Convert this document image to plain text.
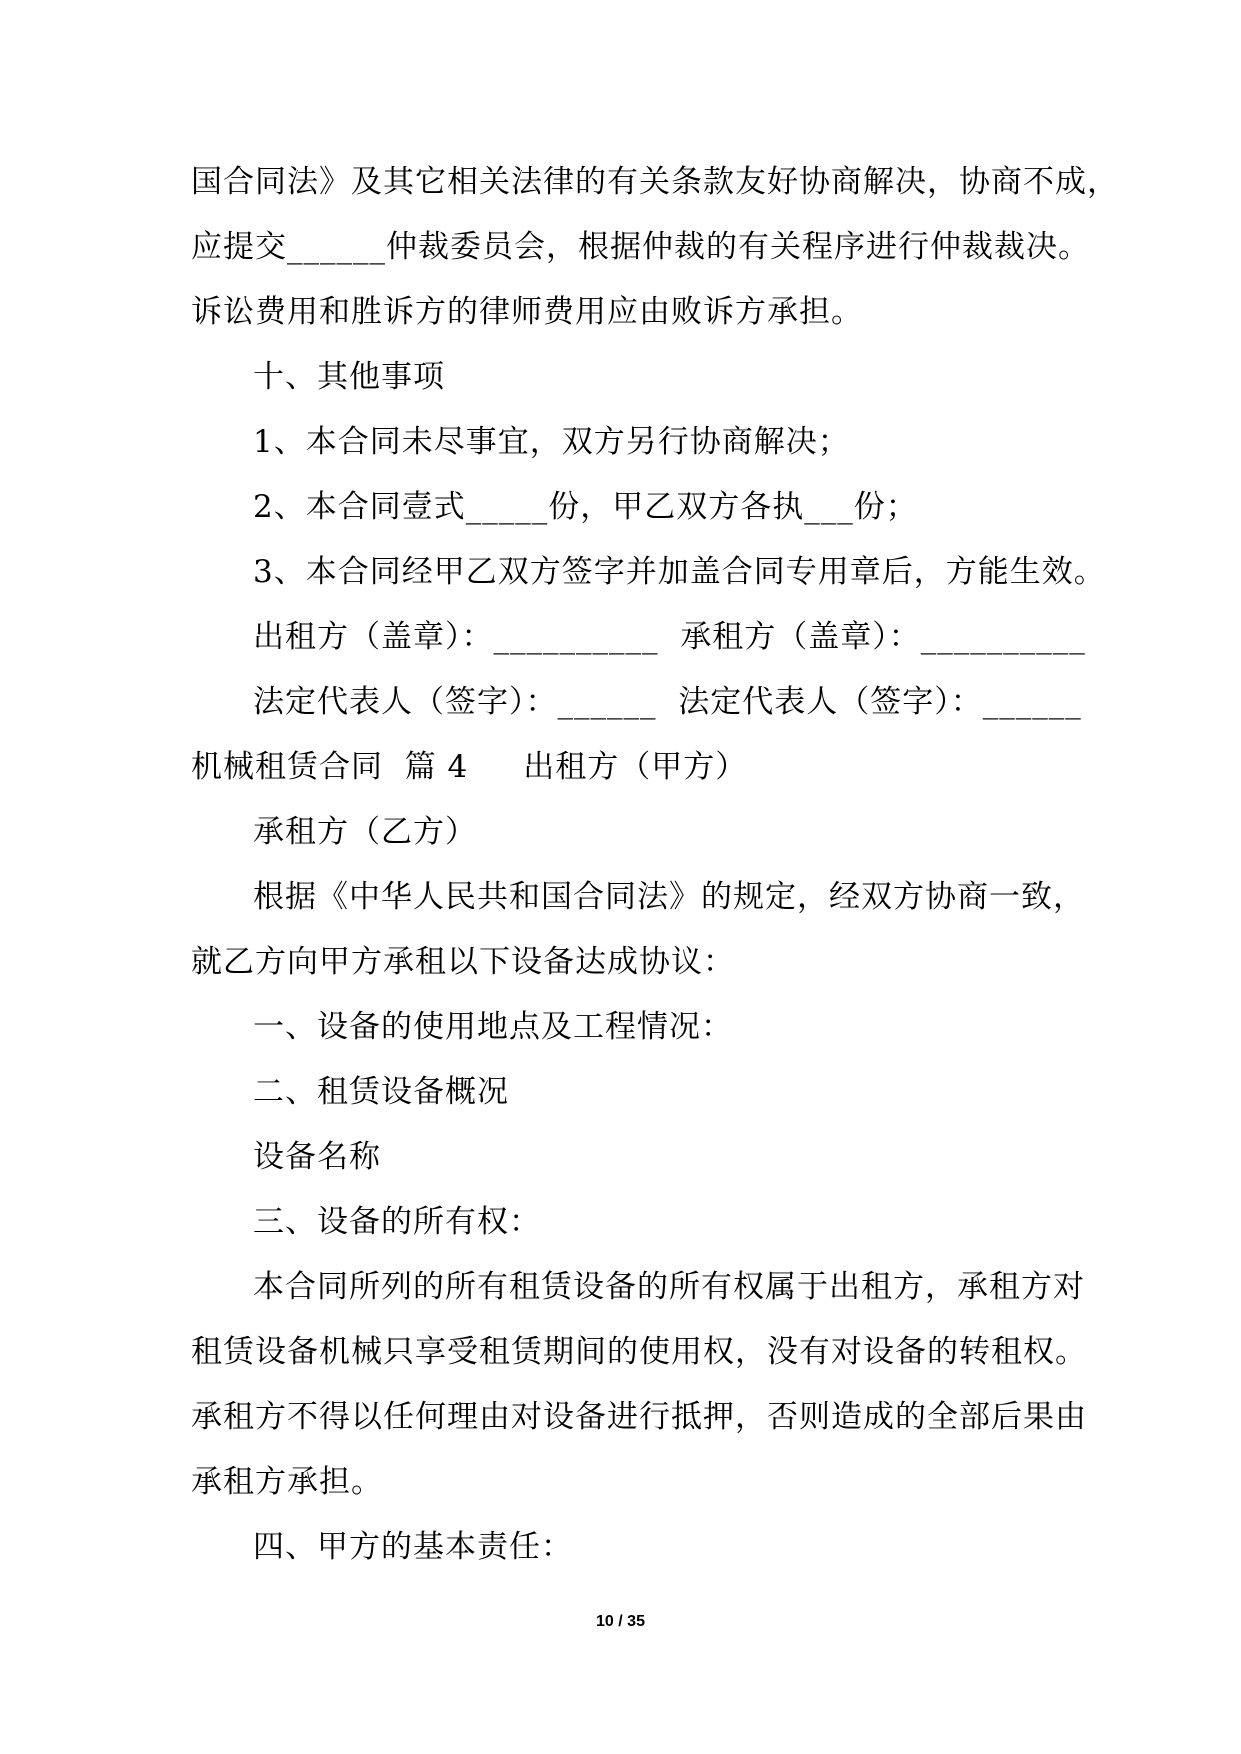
国合同法》及其它相关法律的有关条款友好协商解决，协商不成，
应提交______仲裁委员会，根据仲裁的有关程序进行仲裁裁决。
诉讼费用和胜诉方的律师费用应由败诉方承担。
十、其他事项
1、本合同未尽事宜，双方另行协商解决；
2、本合同壹式_____份，甲乙双方各执___份；
3、本合同经甲乙双方签字并加盖合同专用章后，方能生效。
出租方（盖章）：__________  承租方（盖章）：__________
法定代表人（签字）：______  法定代表人（签字）：______
机械租赁合同  篇 4 出租方（甲方）
承租方（乙方）
根据《中华人民共和国合同法》的规定，经双方协商一致，
就乙方向甲方承租以下设备达成协议：
一、设备的使用地点及工程情况：
二、租赁设备概况
设备名称
三、设备的所有权：
本合同所列的所有租赁设备的所有权属于出租方，承租方对
租赁设备机械只享受租赁期间的使用权，没有对设备的转租权。
承租方不得以任何理由对设备进行抵押，否则造成的全部后果由
承租方承担。
四、甲方的基本责任：
10 / 35
